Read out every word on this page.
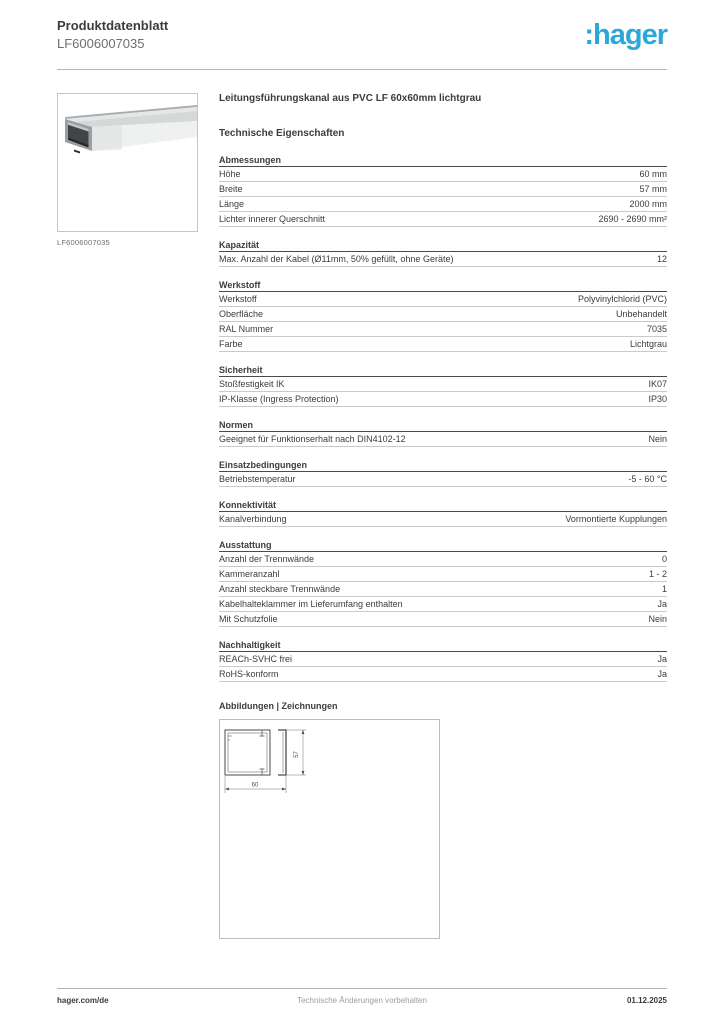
Produktdatenblatt
LF6006007035	:hager
LF6006007035
Leitungsführungskanal aus PVC LF 60x60mm lichtgrau
Technische Eigenschaften
Abmessungen
Höhe	60 mm
Breite	57 mm
Länge	2000 mm
Lichter innerer Querschnitt	2690 - 2690 mm²
Kapazität
Max. Anzahl der Kabel (Ø11mm, 50% gefüllt, ohne Geräte)	12
Werkstoff
Werkstoff	Polyvinylchlorid (PVC)
Oberfläche	Unbehandelt
RAL Nummer	7035
Farbe	Lichtgrau
Sicherheit
Stoßfestigkeit IK	IK07
IP-Klasse (Ingress Protection)	IP30
Normen
Geeignet für Funktionserhalt nach DIN4102-12	Nein
Einsatzbedingungen
Betriebstemperatur	-5 - 60 °C
Konnektivität
Kanalverbindung	Vormontierte Kupplungen
Ausstattung
Anzahl der Trennwände	0
Kammeranzahl	1 - 2
Anzahl steckbare Trennwände	1
Kabelhalteklammer im Lieferumfang enthalten	Ja
Mit Schutzfolie	Nein
Nachhaltigkeit
REACh-SVHC frei	Ja
RoHS-konform	Ja
Abbildungen | Zeichnungen
57
60
hager.com/de	Technische Änderungen vorbehalten	01.12.2025
